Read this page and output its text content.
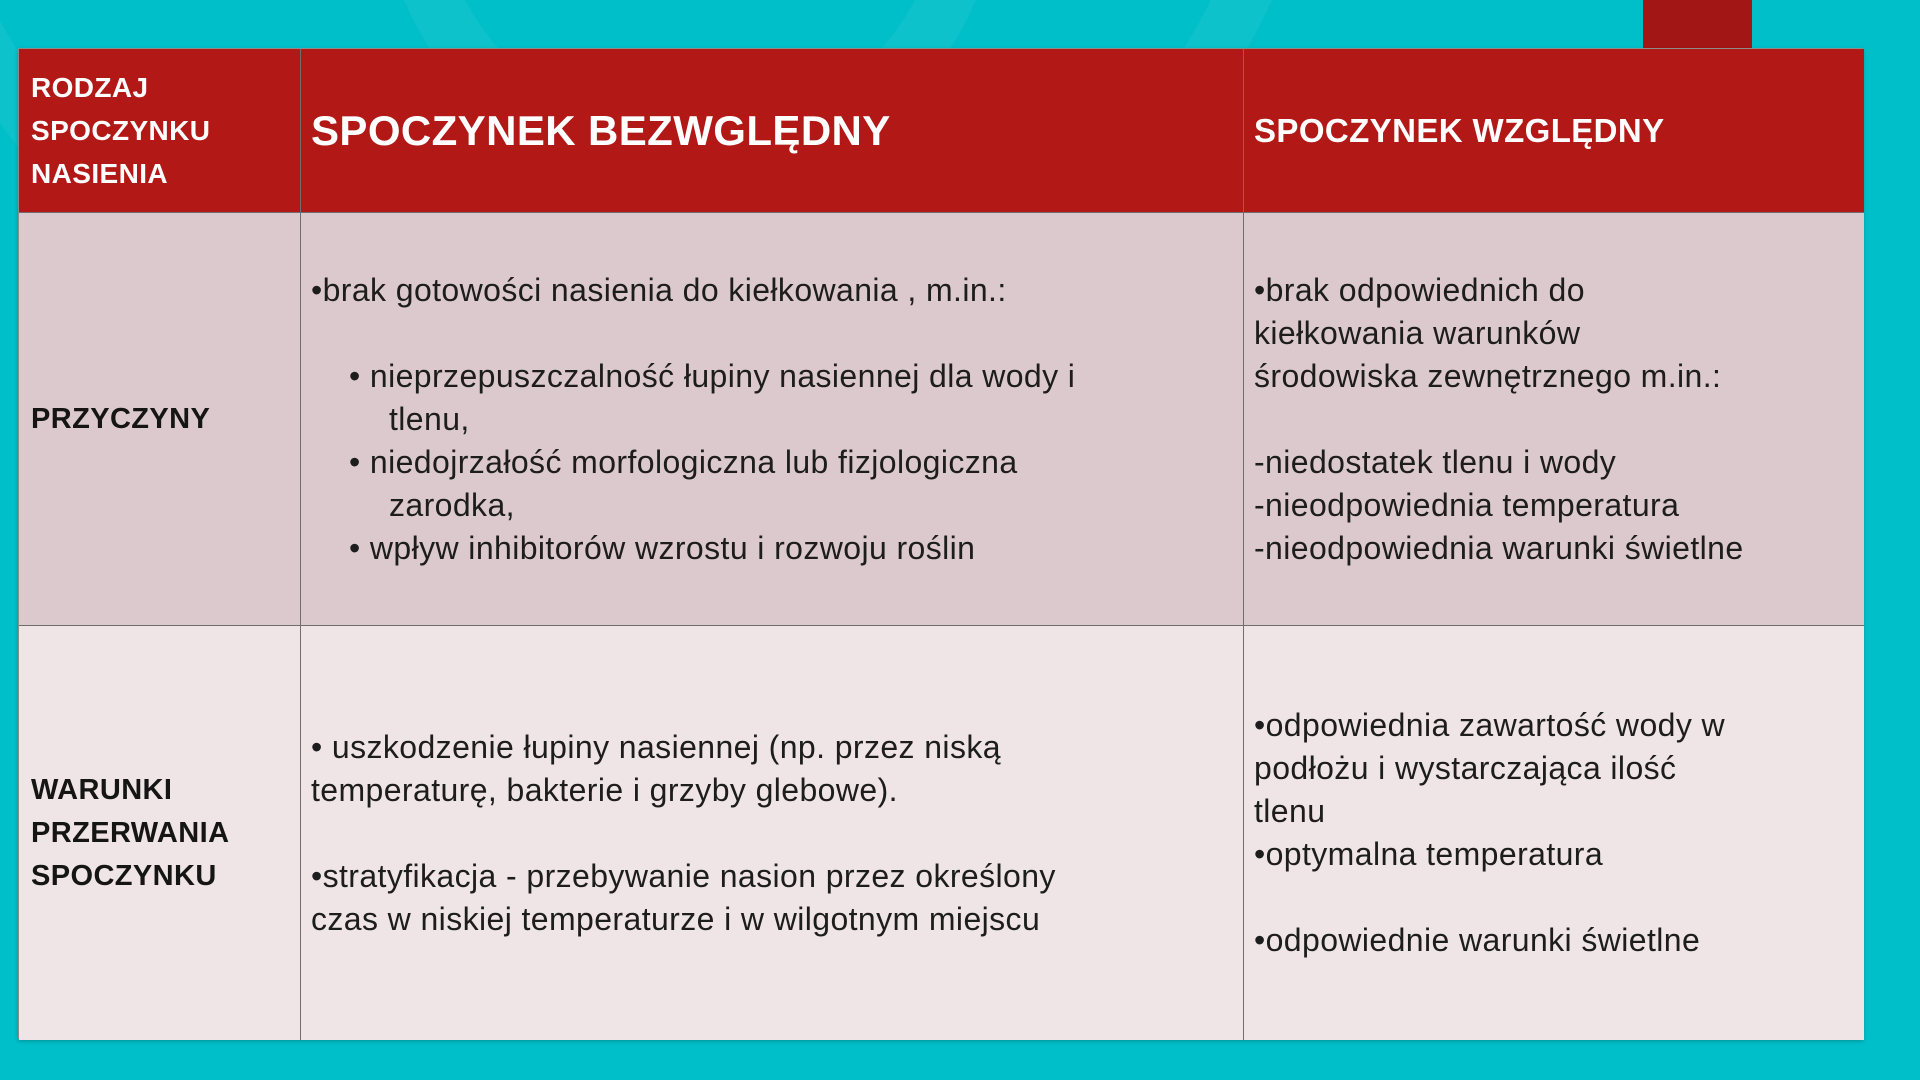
RODZAJ
SPOCZYNKU
NASIENIA
SPOCZYNEK BEZWGLĘDNY	SPOCZYNEK WZGLĘDNY
PRZYCZYNY
•brak gotowości nasienia do kiełkowania , m.in.:

• nieprzepuszczalność łupiny nasiennej dla wody i
tlenu,
• niedojrzałość morfologiczna lub fizjologiczna
zarodka,
• wpływ inhibitorów wzrostu i rozwoju roślin
•brak odpowiednich do
kiełkowania warunków
środowiska zewnętrznego m.in.:

-niedostatek tlenu i wody
-nieodpowiednia temperatura
-nieodpowiednia warunki świetlne
WARUNKI
PRZERWANIA
SPOCZYNKU
• uszkodzenie łupiny nasiennej (np. przez niską
temperaturę, bakterie i grzyby glebowe).

•stratyfikacja - przebywanie nasion przez określony
czas w niskiej temperaturze i w wilgotnym miejscu
•odpowiednia zawartość wody w
podłożu i wystarczająca ilość
tlenu
•optymalna temperatura

•odpowiednie warunki świetlne
